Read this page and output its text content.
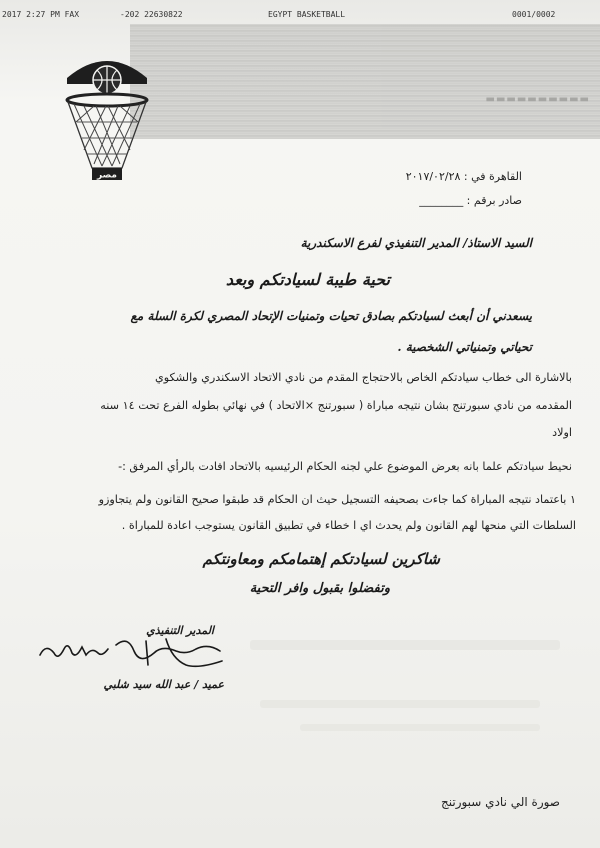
2017 2:27 PM FAX	-202 22630822	EGYPT BASKETBALL	0001/0002
▬▬▬▬▬▬▬▬▬▬
مصر	القاهرة في : ٢٠١٧/٠٢/٢٨
صادر برقم : ________
السيد الاستاذ/ المدير التنفيذي لفرع الاسكندرية
تحية طيبة لسيادتكم وبعد
يسعدني أن أبعث لسيادتكم بصادق تحيات وتمنيات الإتحاد المصري لكرة السلة مع
تحياتي وتمنياتي الشخصية .
بالاشارة الى خطاب سيادتكم الخاص بالاحتجاج المقدم من نادي الاتحاد الاسكندري والشكوي
المقدمه من نادي سبورتنج بشان نتيجه مباراة ( سبورتنج ×الاتحاد ) في نهائي بطوله الفرع تحت ١٤ سنه
اولاد
نحيط سيادتكم علما بانه بعرض الموضوع علي لجنه الحكام الرئيسيه بالاتحاد افادت بالرأي المرفق :-
١ باعتماد نتيجه المباراة كما جاءت بصحيفه التسجيل حيث ان الحكام قد طبقوا صحيح القانون ولم يتجاوزو
السلطات التي منحها لهم القانون ولم يحدث اي ا خطاء في تطبيق القانون يستوجب اعادة للمباراة .
شاكرين لسيادتكم إهتمامكم ومعاونتكم
وتفضلوا بقبول وافر التحية
المدير التنفيذي
عميد / عبد الله سيد شلبي
صورة الي نادي سبورتنج
